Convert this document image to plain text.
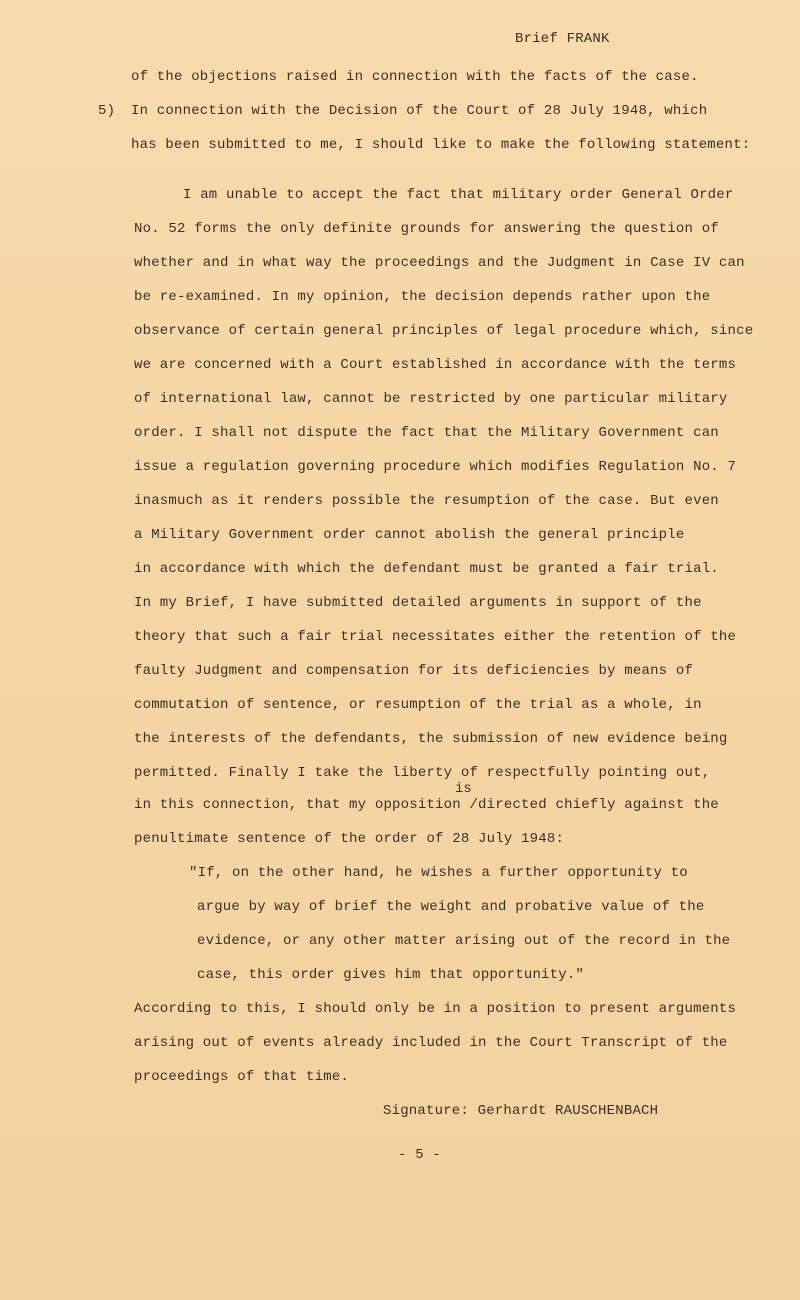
Brief FRANK
of the objections raised in connection with the facts of the case.
5) In connection with the Decision of the Court of 28 July 1948, which
has been submitted to me, I should like to make the following statement:
I am unable to accept the fact that military order General Order
No. 52 forms the only definite grounds for answering the question of
whether and in what way the proceedings and the Judgment in Case IV can
be re-examined. In my opinion, the decision depends rather upon the
observance of certain general principles of legal procedure which, since
we are concerned with a Court established in accordance with the terms
of international law, cannot be restricted by one particular military
order. I shall not dispute the fact that the Military Government can
issue a regulation governing procedure which modifies Regulation No. 7
inasmuch as it renders possible the resumption of the case. But even
a Military Government order cannot abolish the general principle
in accordance with which the defendant must be granted a fair trial.
In my Brief, I have submitted detailed arguments in support of the
theory that such a fair trial necessitates either the retention of the
faulty Judgment and compensation for its deficiencies by means of
commutation of sentence, or resumption of the trial as a whole, in
the interests of the defendants, the submission of new evidence being
permitted. Finally I take the liberty of respectfully pointing out,
is
in this connection, that my opposition /directed chiefly against the
penultimate sentence of the order of 28 July 1948:
"If, on the other hand, he wishes a further opportunity to
argue by way of brief the weight and probative value of the
evidence, or any other matter arising out of the record in the
case, this order gives him that opportunity."
According to this, I should only be in a position to present arguments
arising out of events already included in the Court Transcript of the
proceedings of that time.
Signature: Gerhardt RAUSCHENBACH
- 5 -
